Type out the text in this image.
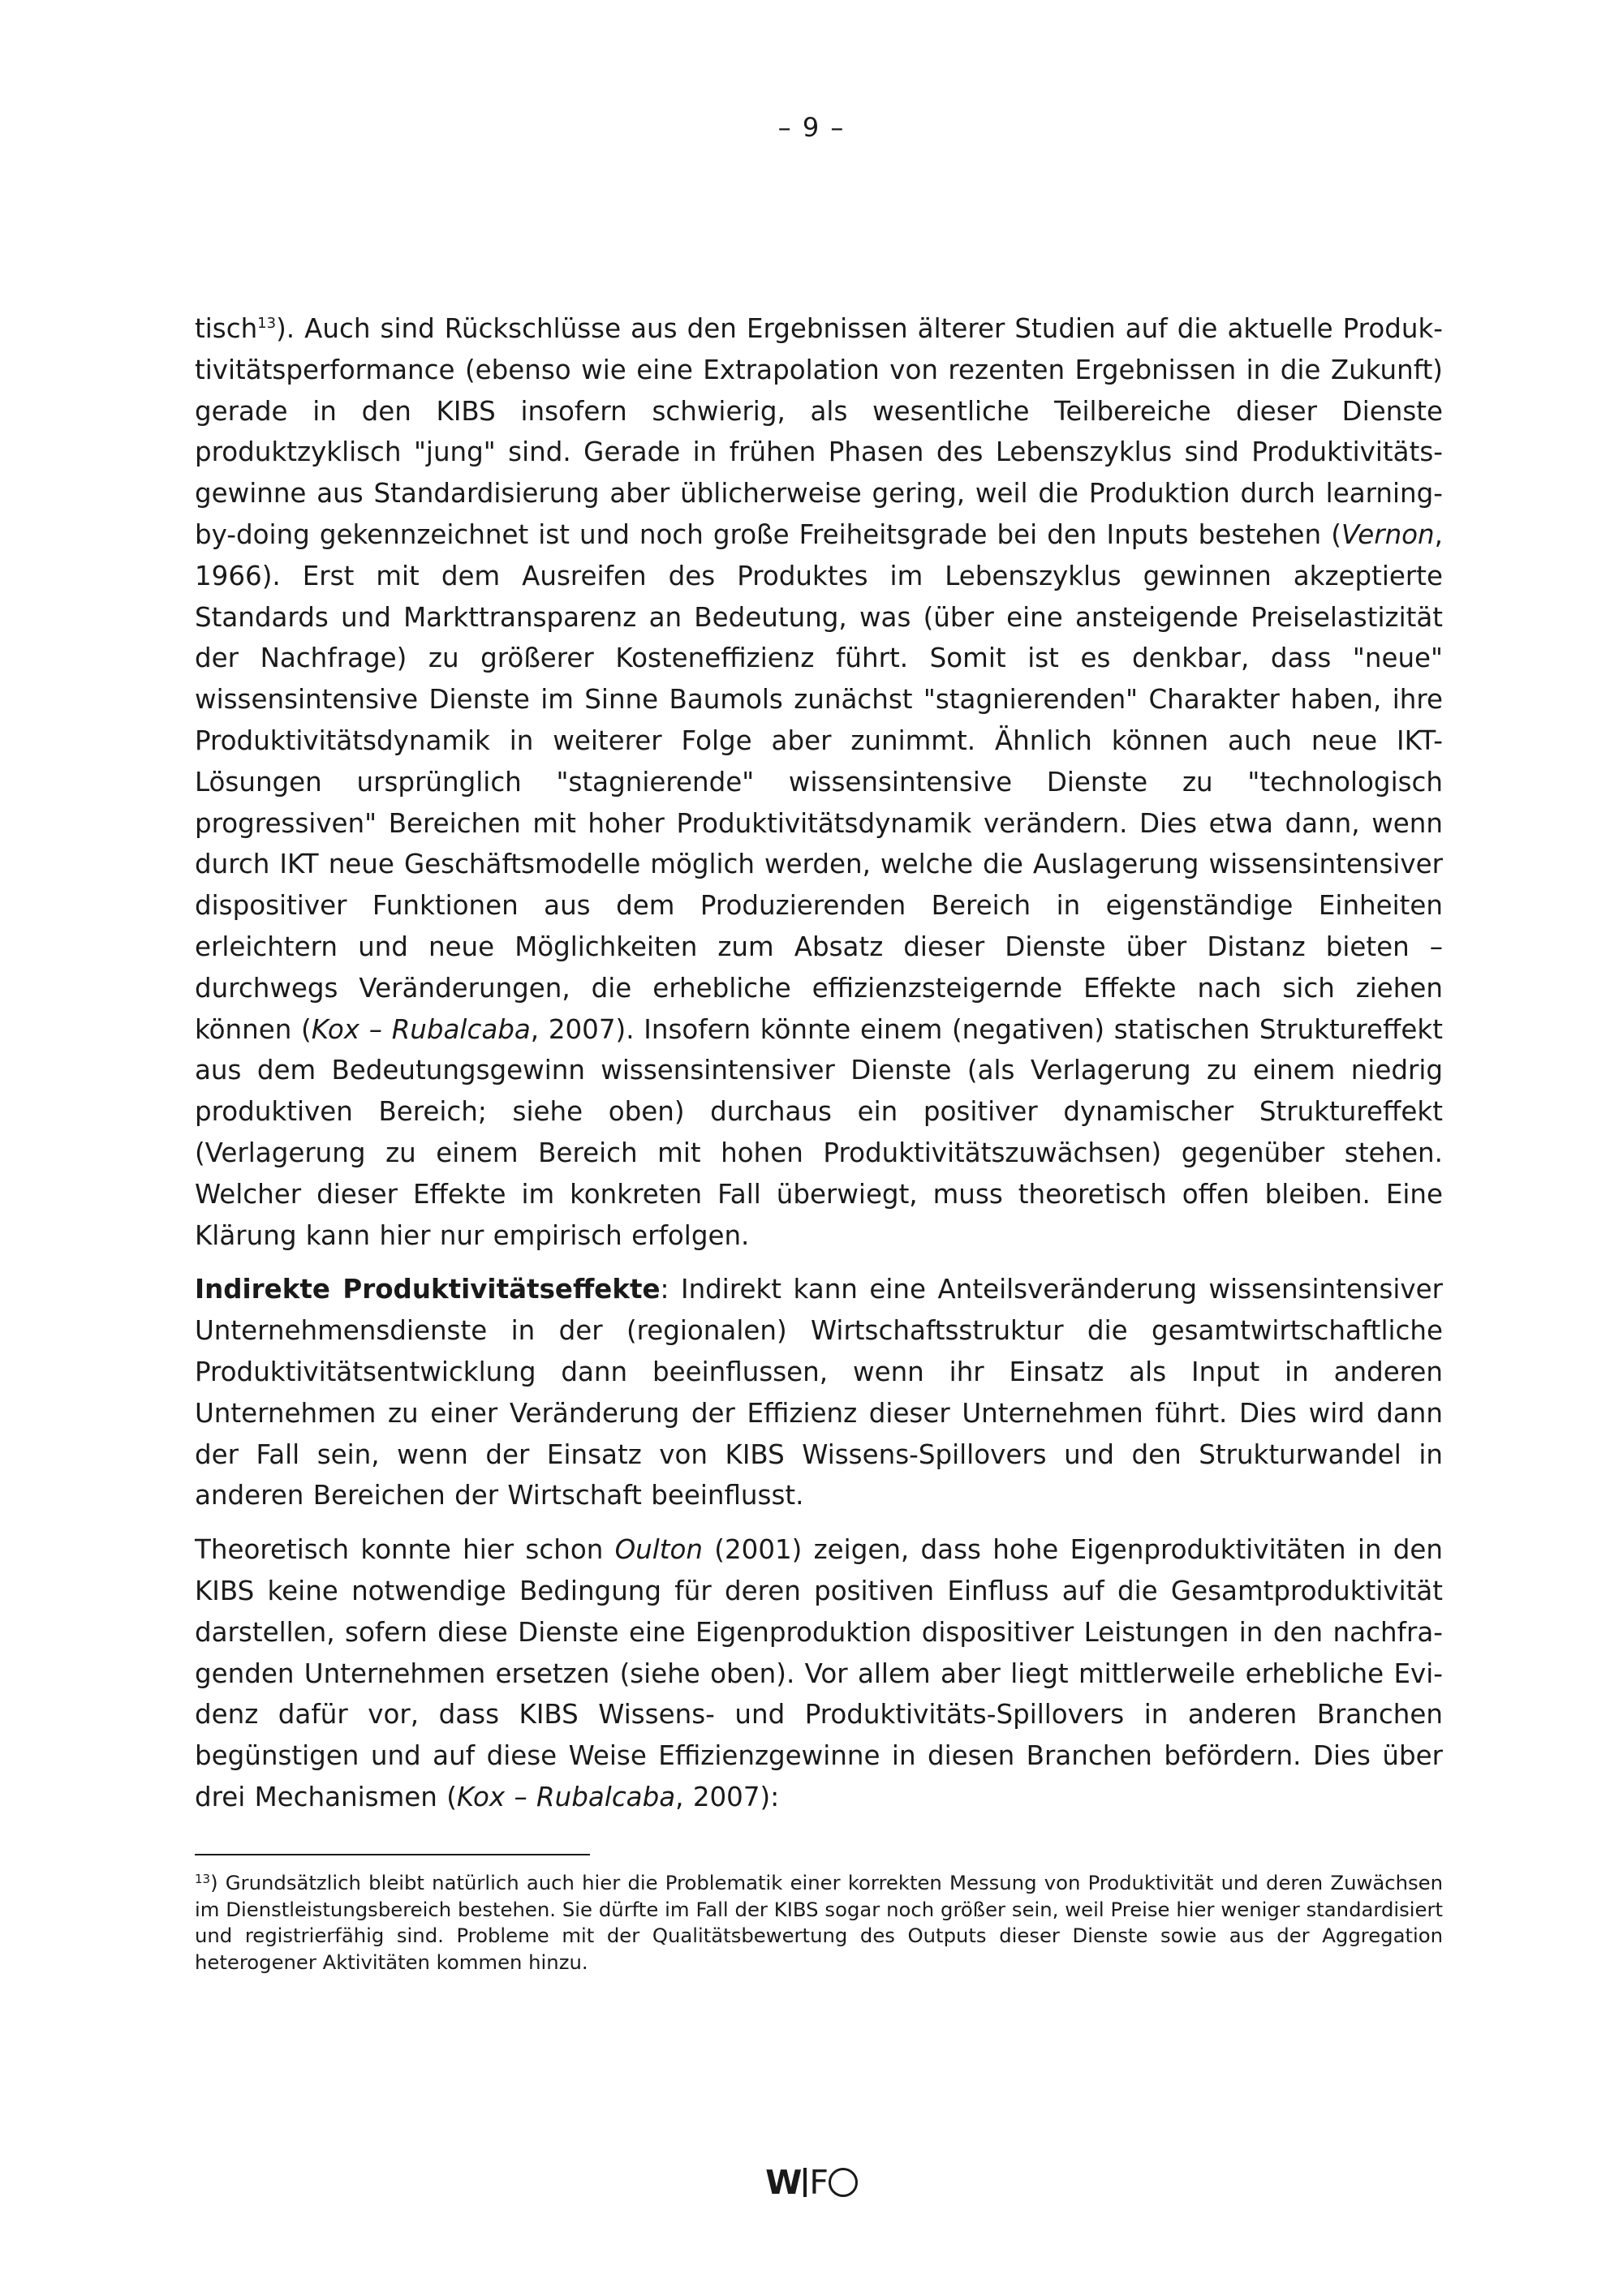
– 9 –

tisch$^{13}$). Auch sind Rückschlüsse aus den Ergebnissen älterer Studien auf die aktuelle Produktivitätsperformance (ebenso wie eine Extrapolation von rezenten Ergebnissen in die Zukunft) gerade in den KIBS insofern schwierig, als wesentliche Teilbereiche dieser Dienste produktzyklisch "jung" sind. Gerade in frühen Phasen des Lebenszyklus sind Produktivitätsgewinne aus Standardisierung aber üblicherweise gering, weil die Produktion durch learning-by-doing gekennzeichnet ist und noch große Freiheitsgrade bei den Inputs bestehen (Vernon, 1966). Erst mit dem Ausreifen des Produktes im Lebenszyklus gewinnen akzeptierte Standards und Markttransparenz an Bedeutung, was (über eine ansteigende Preiselastizität der Nachfrage) zu größerer Kosteneffizienz führt. Somit ist es denkbar, dass "neue" wissensintensive Dienste im Sinne Baumols zunächst "stagnierenden" Charakter haben, ihre Produktivitätsdynamik in weiterer Folge aber zunimmt. Ähnlich können auch neue IKT-Lösungen ursprünglich "stagnierende" wissensintensive Dienste zu "technologisch progressiven" Bereichen mit hoher Produktivitätsdynamik verändern. Dies etwa dann, wenn durch IKT neue Geschäftsmodelle möglich werden, welche die Auslagerung wissensintensiver dispositiver Funktionen aus dem Produzierenden Bereich in eigenständige Einheiten erleichtern und neue Möglichkeiten zum Absatz dieser Dienste über Distanz bieten – durchwegs Veränderungen, die erhebliche effizienzsteigernde Effekte nach sich ziehen können (Kox – Rubalcaba, 2007). Insofern könnte einem (negativen) statischen Struktureffekt aus dem Bedeutungsgewinn wissensintensiver Dienste (als Verlagerung zu einem niedrig produktiven Bereich; siehe oben) durchaus ein positiver dynamischer Struktureffekt (Verlagerung zu einem Bereich mit hohen Produktivitätszuwächsen) gegenüber stehen. Welcher dieser Effekte im konkreten Fall überwiegt, muss theoretisch offen bleiben. Eine Klärung kann hier nur empirisch erfolgen.

Indirekte Produktivitätseffekte: Indirekt kann eine Anteilsveränderung wissensintensiver Unternehmensdienste in der (regionalen) Wirtschaftsstruktur die gesamtwirtschaftliche Produktivitätsentwicklung dann beeinflussen, wenn ihr Einsatz als Input in anderen Unternehmen zu einer Veränderung der Effizienz dieser Unternehmen führt. Dies wird dann der Fall sein, wenn der Einsatz von KIBS Wissens-Spillovers und den Strukturwandel in anderen Bereichen der Wirtschaft beeinflusst.

Theoretisch konnte hier schon Oulton (2001) zeigen, dass hohe Eigenproduktivitäten in den KIBS keine notwendige Bedingung für deren positiven Einfluss auf die Gesamtproduktivität darstellen, sofern diese Dienste eine Eigenproduktion dispositiver Leistungen in den nachfragenden Unternehmen ersetzen (siehe oben). Vor allem aber liegt mittlerweile erhebliche Evidenz dafür vor, dass KIBS Wissens- und Produktivitäts-Spillovers in anderen Branchen begünstigen und auf diese Weise Effizienzgewinne in diesen Branchen befördern. Dies über drei Mechanismen (Kox – Rubalcaba, 2007):

$^{13}$) Grundsätzlich bleibt natürlich auch hier die Problematik einer korrekten Messung von Produktivität und deren Zuwächsen im Dienstleistungsbereich bestehen. Sie dürfte im Fall der KIBS sogar noch größer sein, weil Preise hier weniger standardisiert und registrierfähig sind. Probleme mit der Qualitätsbewertung des Outputs dieser Dienste sowie aus der Aggregation heterogener Aktivitäten kommen hinzu.
W F
